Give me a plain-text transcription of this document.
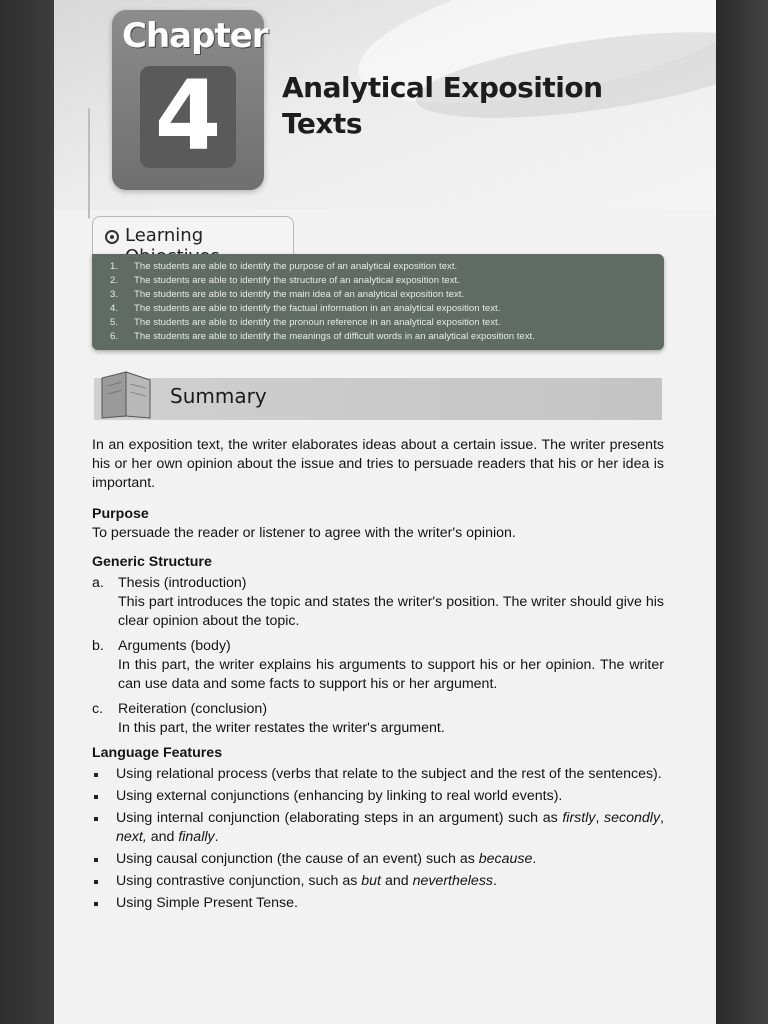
Chapter
4	Analytical Exposition
Texts
Learning
1. The students are able to identify the purpose of an analytical exposition text.
2. The students are able to identify the structure of an analytical exposition text.
3. The students are able to identify the main idea of an analytical exposition text.
4. The students are able to identify the factual information in an analytical exposition text.
5. The students are able to identify the pronoun reference in an analytical exposition text.
6. The students are able to identify the meanings of difficult words in an analytical exposition text.
Summary

In an exposition text, the writer elaborates ideas about a certain issue. The writer presents his or her own opinion about the issue and tries to persuade readers that his or her idea is important.

Purpose

To persuade the reader or listener to agree with the writer's opinion.

Generic Structure

a. Thesis (introduction)
This part introduces the topic and states the writer's position. The writer should give his clear opinion about the topic.
b. Arguments (body)
In this part, the writer explains his arguments to support his or her opinion. The writer can use data and some facts to support his or her argument.
c. Reiteration (conclusion)
In this part, the writer restates the writer's argument.

Language Features

Using relational process (verbs that relate to the subject and the rest of the sentences).
Using external conjunctions (enhancing by linking to real world events).
Using internal conjunction (elaborating steps in an argument) such as firstly, secondly, next, and finally.
Using causal conjunction (the cause of an event) such as because.
Using contrastive conjunction, such as but and nevertheless.
Using Simple Present Tense.
